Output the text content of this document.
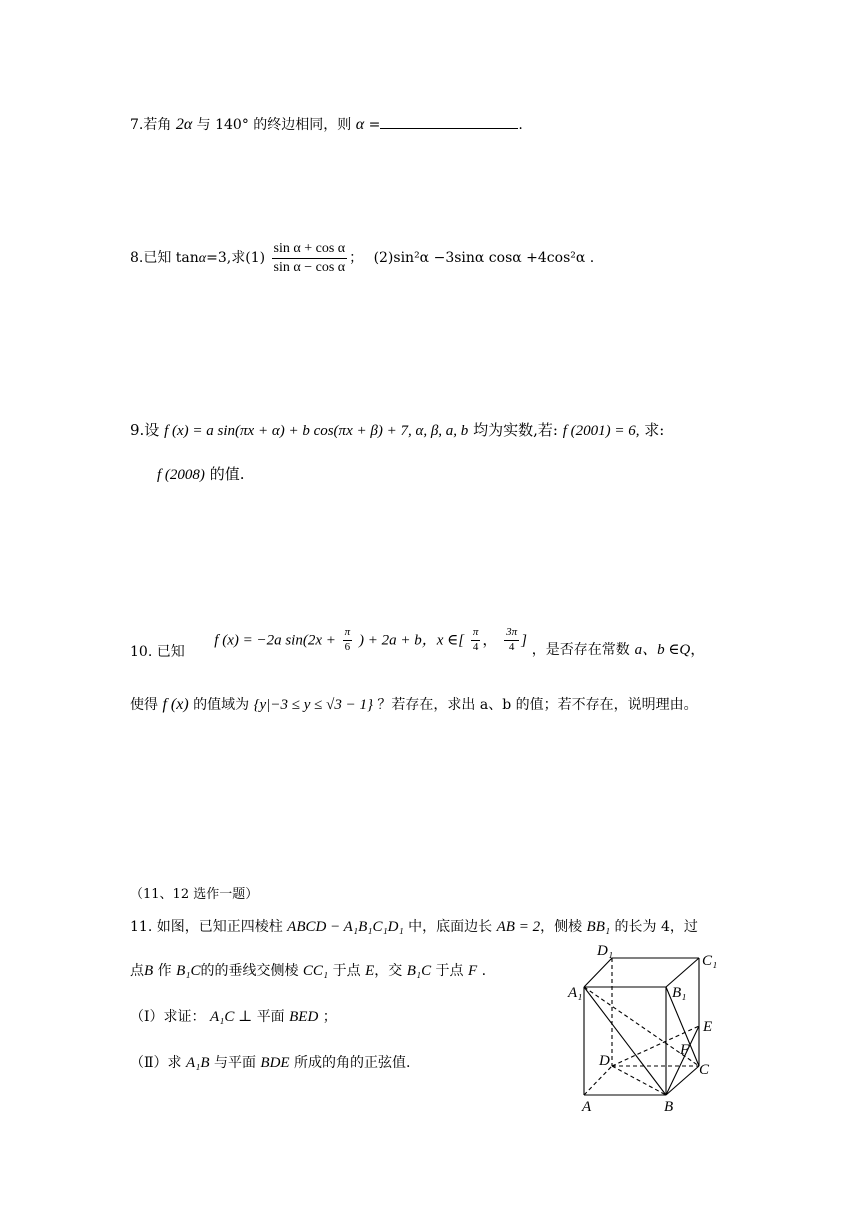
7.若角 2α 与 140° 的终边相同，则 α =	.
8.已知 tanα=3,求$(1) \frac{\text{sin α + cos α}}{\text{sin α − cos α}}$ ； (2)sin²α −3sinα cosα +4cos²α .
9.设 f (x) = a sin(πx + α) + b cos(πx + β) + 7, α, β, a, b 均为实数,若: f (2001) = 6, 求:
f (2008) 的值.
10. 已知  f (x) = −2a $\sin(2x + \frac{\pi}{6}$ ) + 2a + b，x ∈[ $\frac{\pi}{4}$ ， $\frac{3\pi}{4}$ ] ，是否存在常数 a、b ∈Q，
使得 f (x) 的值域为 {y|−3 ≤ y ≤ √3 − 1} ？若存在，求出 a、b 的值；若不存在，说明理由。
（11、12 选作一题）
11. 如图，已知正四棱柱 ABCD − A₁B₁C₁D₁ 中，底面边长 AB = 2，侧棱 BB₁ 的长为 4，过
点B 作 B₁C的的垂线交侧棱 CC₁ 于点 E，交 B₁C 于点 F .
（Ⅰ）求证： A₁C ⊥ 平面 BED ；
（Ⅱ）求 A₁B 与平面 BDE 所成的角的正弦值.
D₁
C₁
A₁	B₁
E
F
D
C
A	B
